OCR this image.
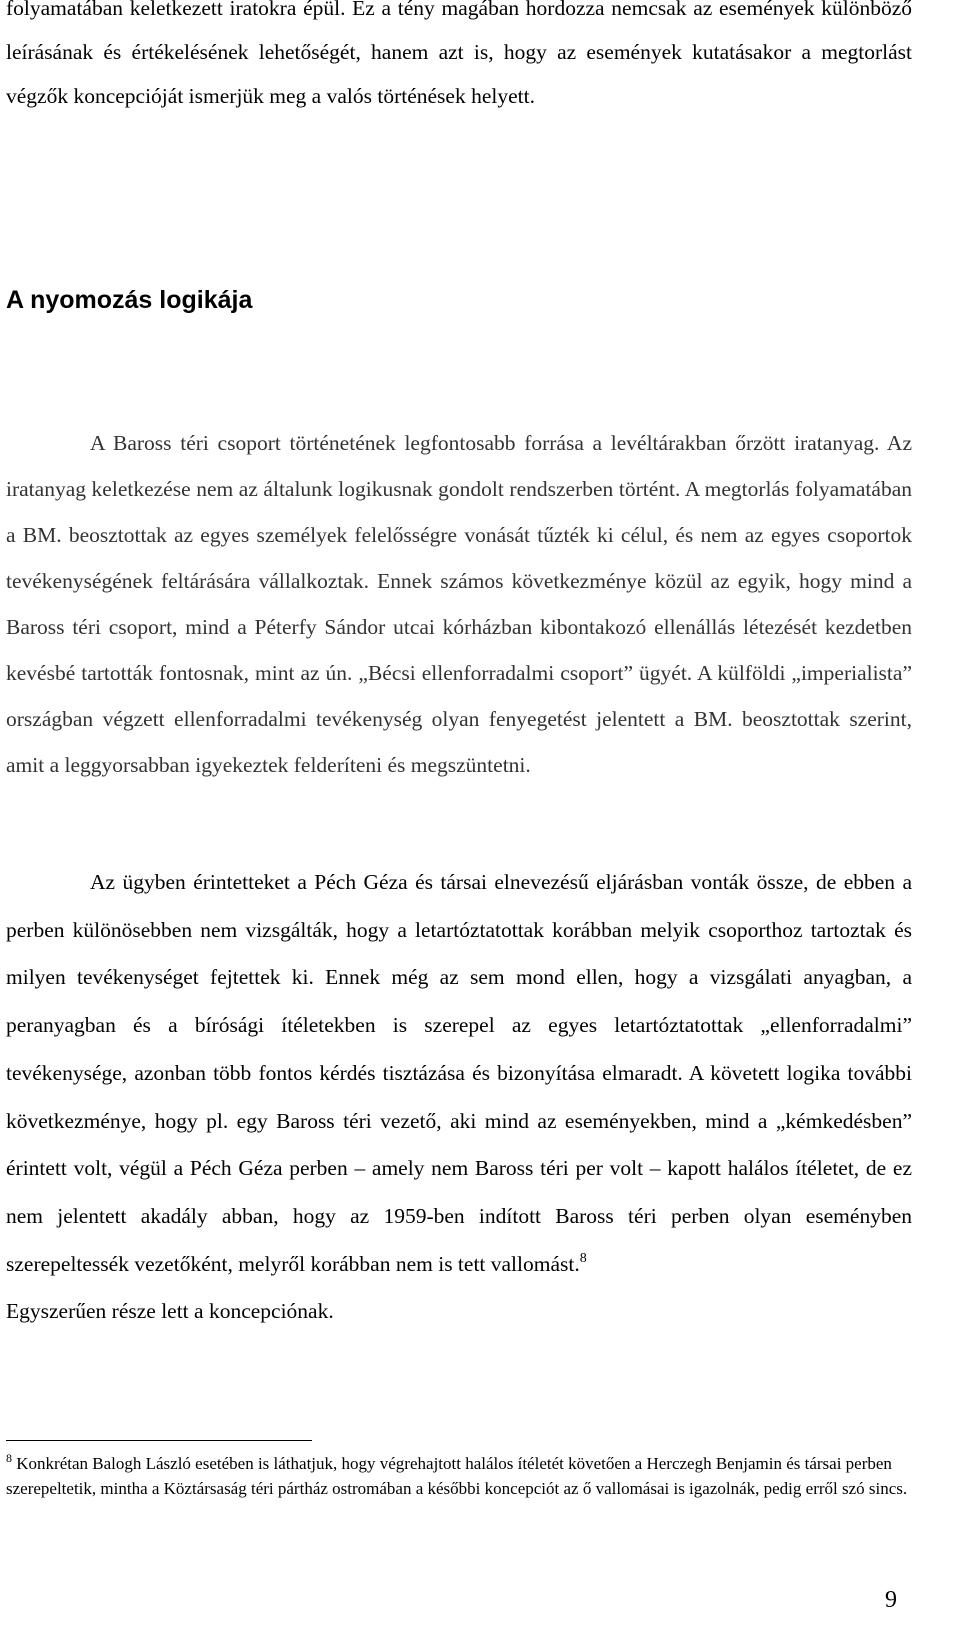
folyamatában keletkezett iratokra épül. Ez a tény magában hordozza nemcsak az események különböző leírásának és értékelésének lehetőségét, hanem azt is, hogy az események kutatásakor a megtorlást végzők koncepcióját ismerjük meg a valós történések helyett.

A nyomozás logikája

A Baross téri csoport történetének legfontosabb forrása a levéltárakban őrzött iratanyag. Az iratanyag keletkezése nem az általunk logikusnak gondolt rendszerben történt. A megtorlás folyamatában a BM. beosztottak az egyes személyek felelősségre vonását tűzték ki célul, és nem az egyes csoportok tevékenységének feltárására vállalkoztak. Ennek számos következménye közül az egyik, hogy mind a Baross téri csoport, mind a Péterfy Sándor utcai kórházban kibontakozó ellenállás létezését kezdetben kevésbé tartották fontosnak, mint az ún. „Bécsi ellenforradalmi csoport” ügyét. A külföldi „imperialista” országban végzett ellenforradalmi tevékenység olyan fenyegetést jelentett a BM. beosztottak szerint, amit a leggyorsabban igyekeztek felderíteni és megszüntetni.

Az ügyben érintetteket a Péch Géza és társai elnevezésű eljárásban vonták össze, de ebben a perben különösebben nem vizsgálták, hogy a letartóztatottak korábban melyik csoporthoz tartoztak és milyen tevékenységet fejtettek ki. Ennek még az sem mond ellen, hogy a vizsgálati anyagban, a peranyagban és a bírósági ítéletekben is szerepel az egyes letartóztatottak „ellenforradalmi” tevékenysége, azonban több fontos kérdés tisztázása és bizonyítása elmaradt. A követett logika további következménye, hogy pl. egy Baross téri vezető, aki mind az eseményekben, mind a „kémkedésben” érintett volt, végül a Péch Géza perben – amely nem Baross téri per volt – kapott halálos ítéletet, de ez nem jelentett akadály abban, hogy az 1959-ben indított Baross téri perben olyan eseményben szerepeltessék vezetőként, melyről korábban nem is tett vallomást.$^8$
Egyszerűen része lett a koncepciónak.

$^8$ Konkrétan Balogh László esetében is láthatjuk, hogy végrehajtott halálos ítéletét követően a Herczegh Benjamin és társai perben szerepeltetik, mintha a Köztársaság téri pártház ostromában a későbbi koncepciót az ő vallomásai is igazolnák, pedig erről szó sincs.

9
